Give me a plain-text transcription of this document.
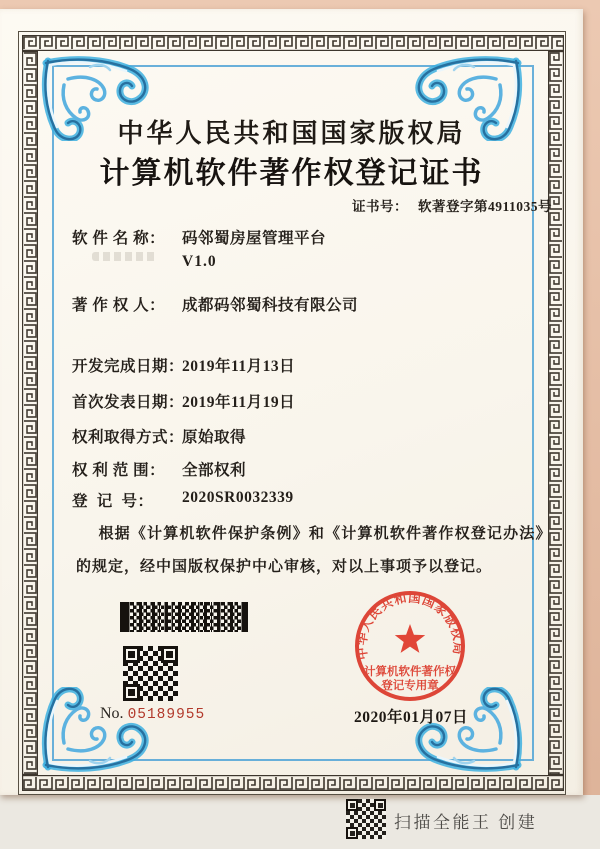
中华人民共和国国家版权局
计算机软件著作权登记证书
证书号： 软著登字第4911035号
软 件 名 称：	码邻蜀房屋管理平台
V1.0
著 作 权 人：	成都码邻蜀科技有限公司
开发完成日期：
2019年11月13日
首次发表日期：
2019年11月19日
权利取得方式：
原始取得
权 利 范 围：	全部权利
登  记  号：	2020SR0032339
根据《计算机软件保护条例》和《计算机软件著作权登记办法》的规定，经中国版权保护中心审核，对以上事项予以登记。
No. 05189955
中华人民共和国国家版权局
计算机软件著作权
登记专用章
2020年01月07日
扫描全能王 创建
